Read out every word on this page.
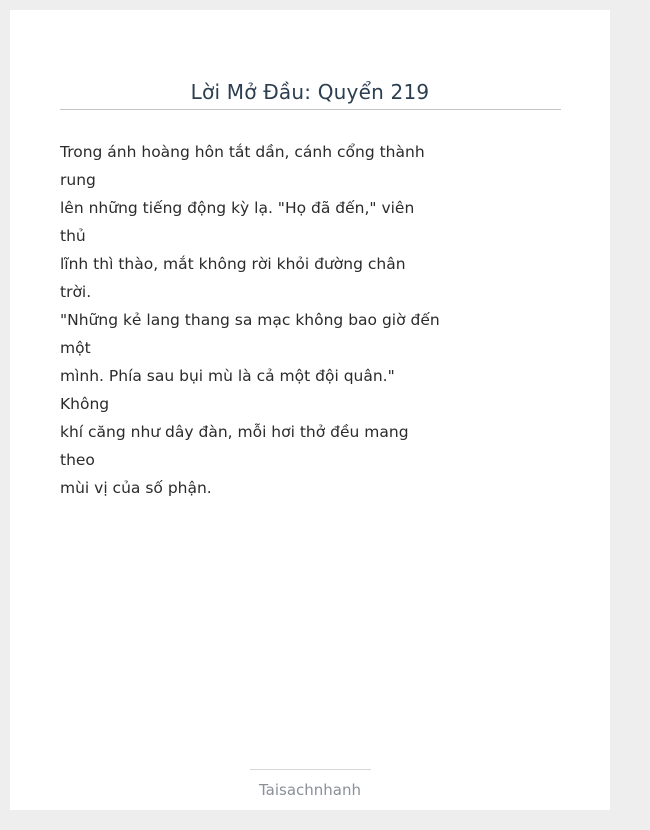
Lời Mở Đầu: Quyển 219
Trong ánh hoàng hôn tắt dần, cánh cổng thành
rung
lên những tiếng động kỳ lạ. "Họ đã đến," viên
thủ
lĩnh thì thào, mắt không rời khỏi đường chân
trời.
"Những kẻ lang thang sa mạc không bao giờ đến
một
mình. Phía sau bụi mù là cả một đội quân."
Không
khí căng như dây đàn, mỗi hơi thở đều mang
theo
mùi vị của số phận.
Taisachnhanh
